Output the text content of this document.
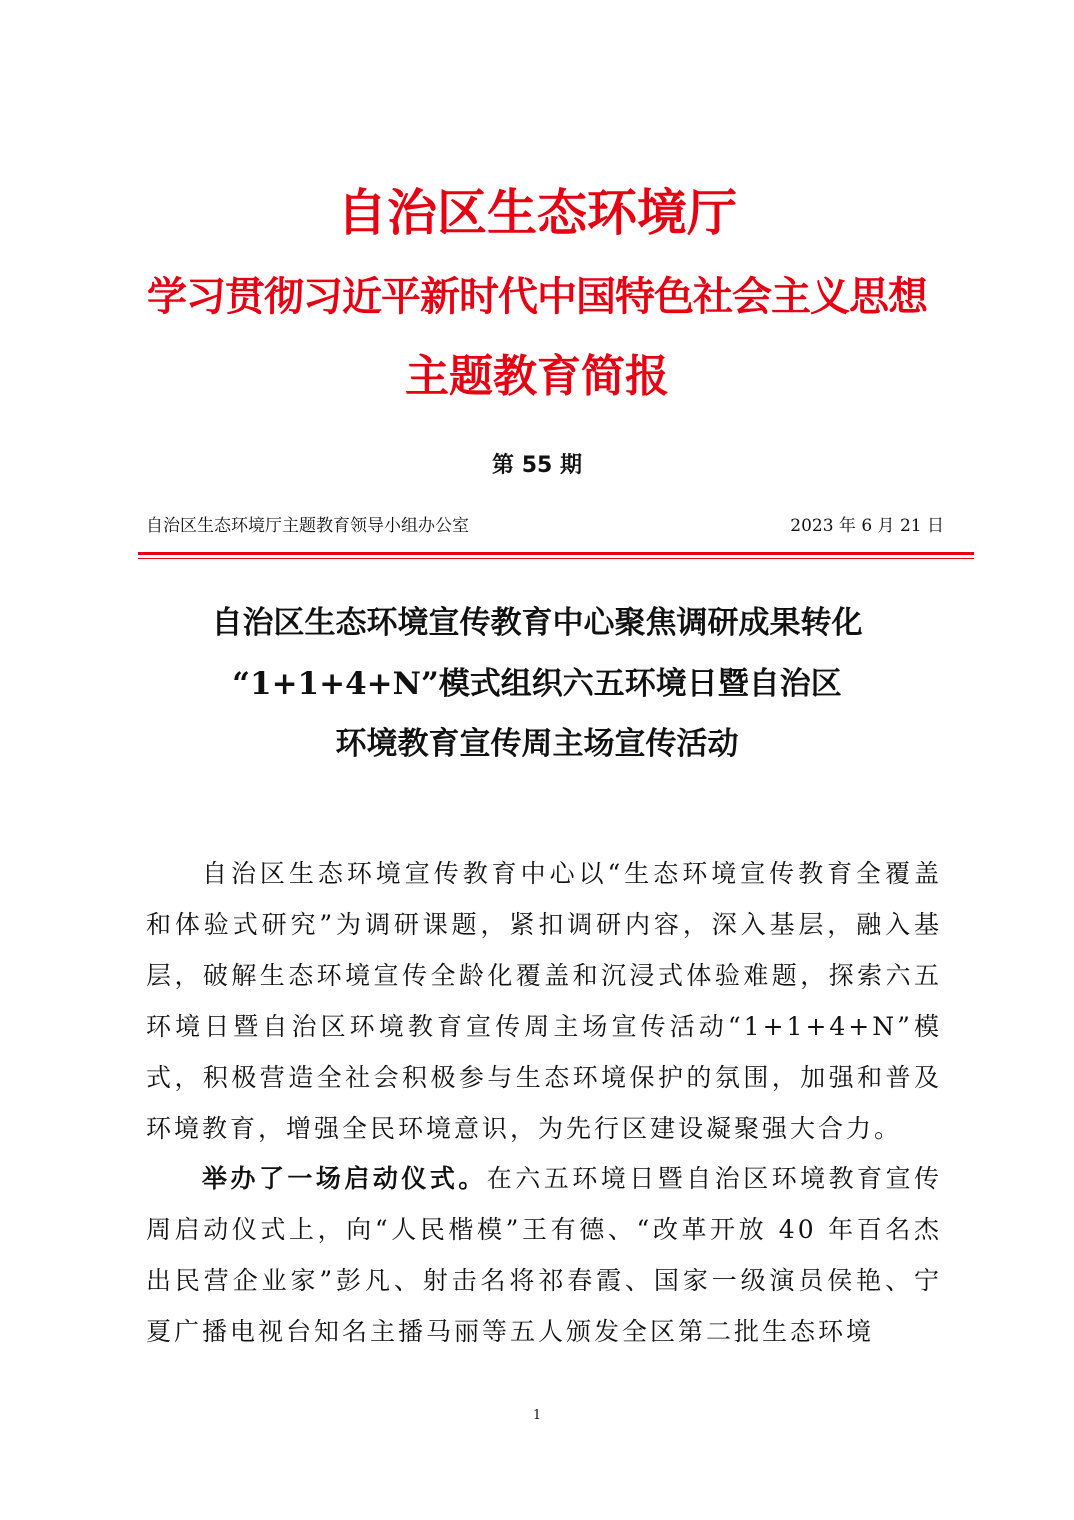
自治区生态环境厅
学习贯彻习近平新时代中国特色社会主义思想
主题教育简报
第 55 期
自治区生态环境厅主题教育领导小组办公室	2023 年 6 月 21 日
自治区生态环境宣传教育中心聚焦调研成果转化
“1+1+4+N”模式组织六五环境日暨自治区
环境教育宣传周主场宣传活动
自治区生态环境宣传教育中心以“生态环境宣传教育全覆盖和体验式研究”为调研课题，紧扣调研内容，深入基层，融入基层，破解生态环境宣传全龄化覆盖和沉浸式体验难题，探索六五环境日暨自治区环境教育宣传周主场宣传活动“1+1+4+N”模式，积极营造全社会积极参与生态环境保护的氛围，加强和普及环境教育，增强全民环境意识，为先行区建设凝聚强大合力。
举办了一场启动仪式。在六五环境日暨自治区环境教育宣传周启动仪式上，向“人民楷模”王有德、“改革开放 40 年百名杰出民营企业家”彭凡、射击名将祁春霞、国家一级演员侯艳、宁夏广播电视台知名主播马丽等五人颁发全区第二批生态环境
1
